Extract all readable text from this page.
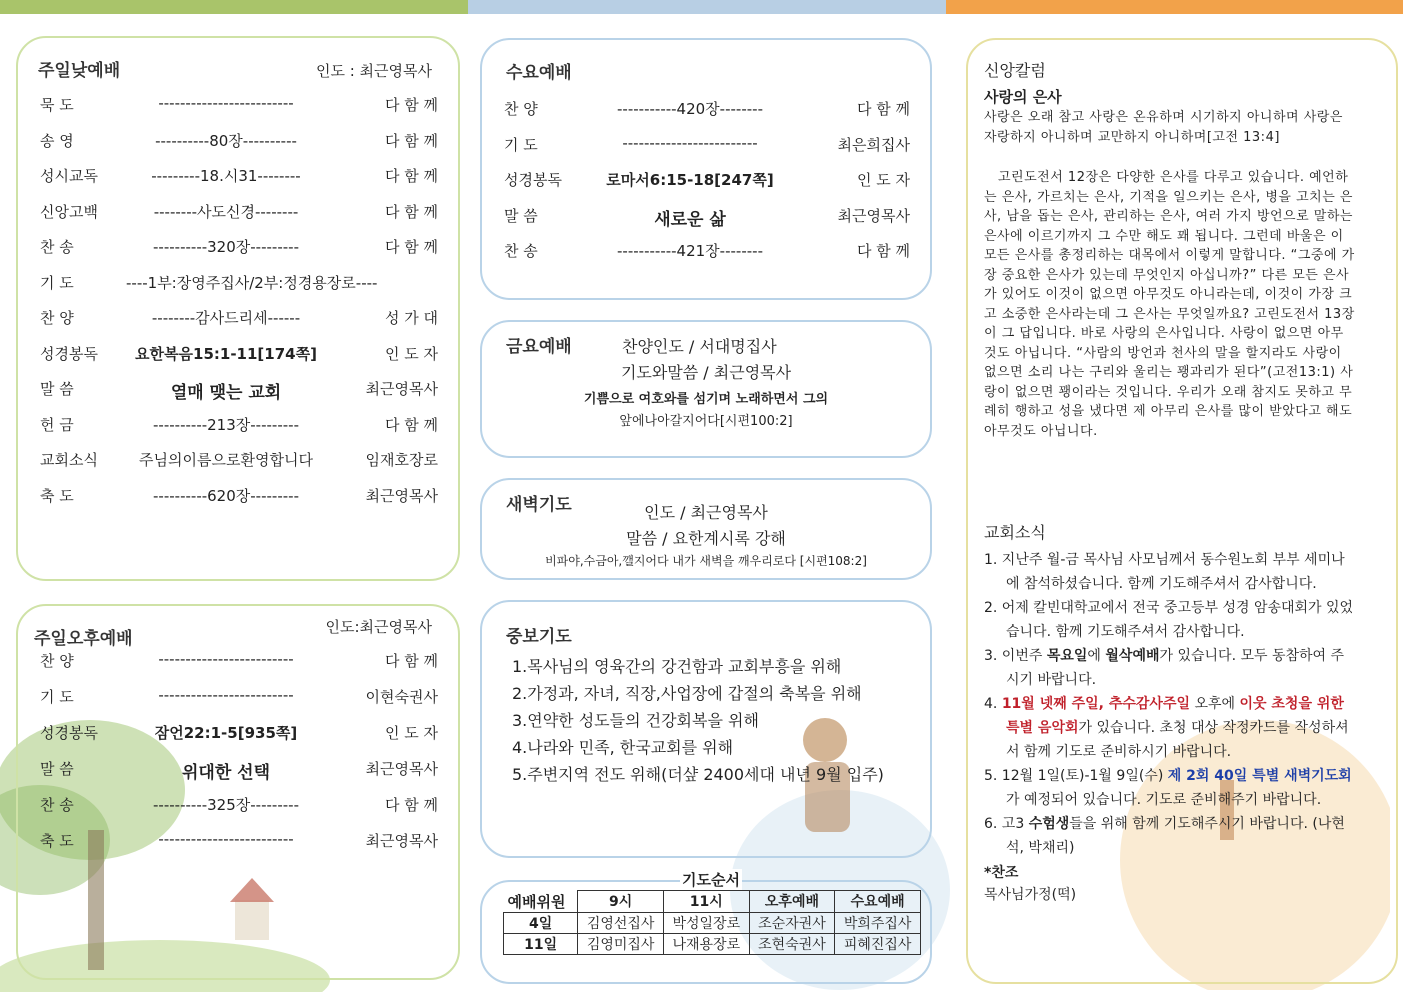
주일낮예배	인도 : 최근영목사
묵 도	-------------------------	다 함 께
송 영	----------80장----------	다 함 께
성시교독	---------18.시31--------	다 함 께
신앙고백	--------사도신경--------	다 함 께
찬 송	----------320장---------	다 함 께
기 도	----1부:장영주집사/2부:정경용장로----
찬 양	--------감사드리세------	성 가 대
성경봉독	요한복음15:1-11[174쪽]	인 도 자
말 씀	열매 맺는 교회	최근영목사
헌 금	----------213장---------	다 함 께
교회소식	주님의이름으로환영합니다	임재호장로
축 도	----------620장---------	최근영목사
주일오후예배
인도:최근영목사
찬 양	-------------------------	다 함 께
기 도	-------------------------	이현숙권사
성경봉독	잠언22:1-5[935쪽]	인 도 자
말 씀	위대한 선택	최근영목사
찬 송	----------325장---------	다 함 께
축 도	-------------------------	최근영목사
수요예배
찬 양	-----------420장--------	다 함 께
기 도	-------------------------	최은희집사
성경봉독	로마서6:15-18[247쪽]	인 도 자
말 씀	새로운 삶	최근영목사
찬 송	-----------421장--------	다 함 께
금요예배	찬양인도 / 서대명집사
기도와말씀 / 최근영목사
기쁨으로 여호와를 섬기며 노래하면서 그의
앞에나아갈지어다[시편100:2]
새벽기도	인도 / 최근영목사
말씀 / 요한계시록 강해
비파야,수금아,깰지어다 내가 새벽을 깨우리로다 [시편108:2]
중보기도
1.목사님의 영육간의 강건함과 교회부흥을 위해
2.가정과, 자녀, 직장,사업장에 갑절의 축복을 위해
3.연약한 성도들의 건강회복을 위해
4.나라와 민족, 한국교회를 위해
5.주변지역 전도 위해(더샾 2400세대 내년 9월 입주)
기도순서
예배위원	9시	11시	오후예배	수요예배
4일	김영선집사	박성일장로	조순자권사	박희주집사
11일	김영미집사	나재용장로	조현숙권사	피혜진집사
신앙칼럼
사랑의 은사
사랑은 오래 참고 사랑은 온유하며 시기하지 아니하며 사랑은 자랑하지 아니하며 교만하지 아니하며[고전 13:4]
고린도전서 12장은 다양한 은사를 다루고 있습니다. 예언하는 은사, 가르치는 은사, 기적을 일으키는 은사, 병을 고치는 은사, 남을 돕는 은사, 관리하는 은사, 여러 가지 방언으로 말하는 은사에 이르기까지 그 수만 해도 꽤 됩니다. 그런데 바울은 이 모든 은사를 총정리하는 대목에서 이렇게 말합니다. “그중에 가장 중요한 은사가 있는데 무엇인지 아십니까?” 다른 모든 은사가 있어도 이것이 없으면 아무것도 아니라는데, 이것이 가장 크고 소중한 은사라는데 그 은사는 무엇일까요? 고린도전서 13장이 그 답입니다. 바로 사랑의 은사입니다. 사랑이 없으면 아무것도 아닙니다. “사람의 방언과 천사의 말을 할지라도 사랑이 없으면 소리 나는 구리와 울리는 꽹과리가 된다”(고전13:1) 사랑이 없으면 꽹이라는 것입니다. 우리가 오래 참지도 못하고 무례히 행하고 성을 냈다면 제 아무리 은사를 많이 받았다고 해도 아무것도 아닙니다.
교회소식
1. 지난주 월-금 목사님 사모님께서 동수원노회 부부 세미나에 참석하셨습니다. 함께 기도해주셔서 감사합니다.
2. 어제 칼빈대학교에서 전국 중고등부 성경 암송대회가 있었습니다. 함께 기도해주셔서 감사합니다.
3. 이번주 목요일에 월삭예배가 있습니다. 모두 동참하여 주시기 바랍니다.
4. 11월 넷째 주일, 추수감사주일 오후에 이웃 초청을 위한 특별 음악회가 있습니다. 초청 대상 작정카드를 작성하셔서 함께 기도로 준비하시기 바랍니다.
5. 12월 1일(토)-1월 9일(수) 제 2회 40일 특별 새벽기도회가 예정되어 있습니다. 기도로 준비해주기 바랍니다.
6. 고3 수험생들을 위해 함께 기도해주시기 바랍니다. (나현석, 박채리)
*찬조
목사님가정(떡)
